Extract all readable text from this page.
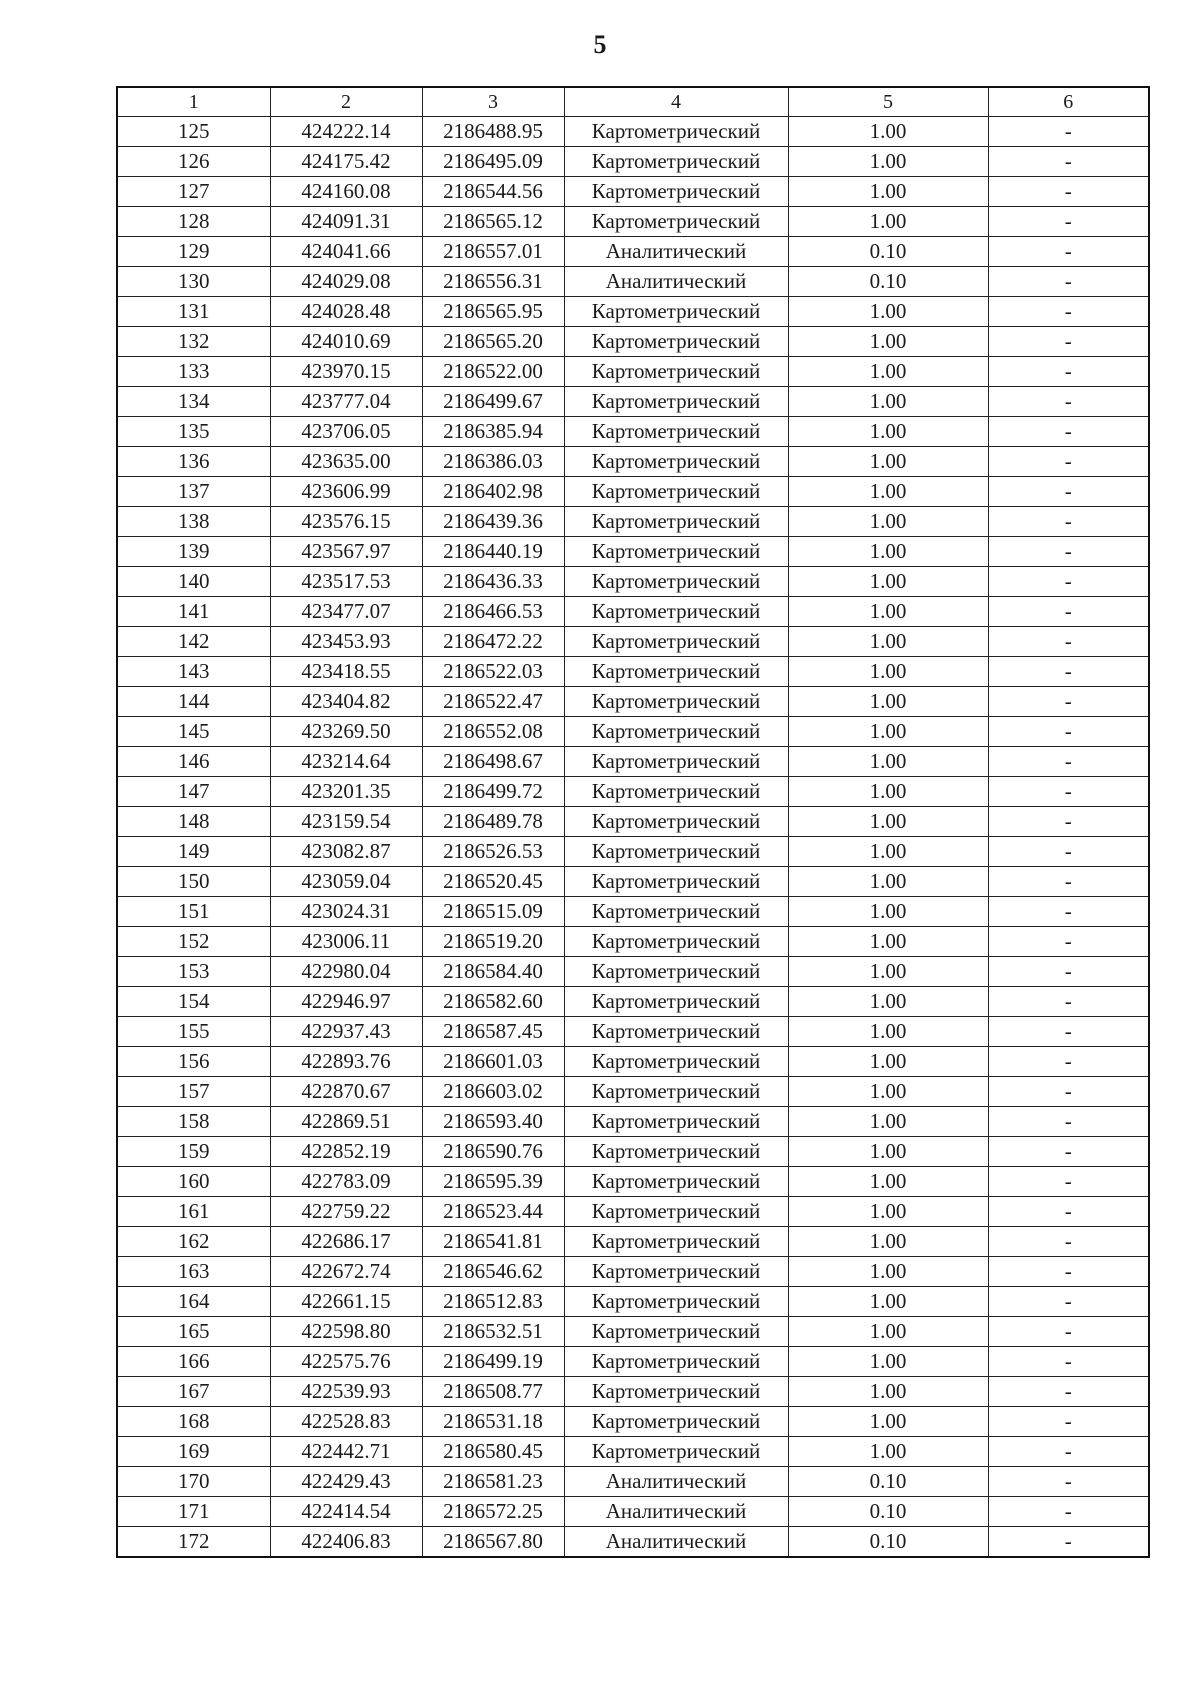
5
1	2	3	4	5	6
125	424222.14	2186488.95	Картометрический	1.00	-
126	424175.42	2186495.09	Картометрический	1.00	-
127	424160.08	2186544.56	Картометрический	1.00	-
128	424091.31	2186565.12	Картометрический	1.00	-
129	424041.66	2186557.01	Аналитический	0.10	-
130	424029.08	2186556.31	Аналитический	0.10	-
131	424028.48	2186565.95	Картометрический	1.00	-
132	424010.69	2186565.20	Картометрический	1.00	-
133	423970.15	2186522.00	Картометрический	1.00	-
134	423777.04	2186499.67	Картометрический	1.00	-
135	423706.05	2186385.94	Картометрический	1.00	-
136	423635.00	2186386.03	Картометрический	1.00	-
137	423606.99	2186402.98	Картометрический	1.00	-
138	423576.15	2186439.36	Картометрический	1.00	-
139	423567.97	2186440.19	Картометрический	1.00	-
140	423517.53	2186436.33	Картометрический	1.00	-
141	423477.07	2186466.53	Картометрический	1.00	-
142	423453.93	2186472.22	Картометрический	1.00	-
143	423418.55	2186522.03	Картометрический	1.00	-
144	423404.82	2186522.47	Картометрический	1.00	-
145	423269.50	2186552.08	Картометрический	1.00	-
146	423214.64	2186498.67	Картометрический	1.00	-
147	423201.35	2186499.72	Картометрический	1.00	-
148	423159.54	2186489.78	Картометрический	1.00	-
149	423082.87	2186526.53	Картометрический	1.00	-
150	423059.04	2186520.45	Картометрический	1.00	-
151	423024.31	2186515.09	Картометрический	1.00	-
152	423006.11	2186519.20	Картометрический	1.00	-
153	422980.04	2186584.40	Картометрический	1.00	-
154	422946.97	2186582.60	Картометрический	1.00	-
155	422937.43	2186587.45	Картометрический	1.00	-
156	422893.76	2186601.03	Картометрический	1.00	-
157	422870.67	2186603.02	Картометрический	1.00	-
158	422869.51	2186593.40	Картометрический	1.00	-
159	422852.19	2186590.76	Картометрический	1.00	-
160	422783.09	2186595.39	Картометрический	1.00	-
161	422759.22	2186523.44	Картометрический	1.00	-
162	422686.17	2186541.81	Картометрический	1.00	-
163	422672.74	2186546.62	Картометрический	1.00	-
164	422661.15	2186512.83	Картометрический	1.00	-
165	422598.80	2186532.51	Картометрический	1.00	-
166	422575.76	2186499.19	Картометрический	1.00	-
167	422539.93	2186508.77	Картометрический	1.00	-
168	422528.83	2186531.18	Картометрический	1.00	-
169	422442.71	2186580.45	Картометрический	1.00	-
170	422429.43	2186581.23	Аналитический	0.10	-
171	422414.54	2186572.25	Аналитический	0.10	-
172	422406.83	2186567.80	Аналитический	0.10	-
